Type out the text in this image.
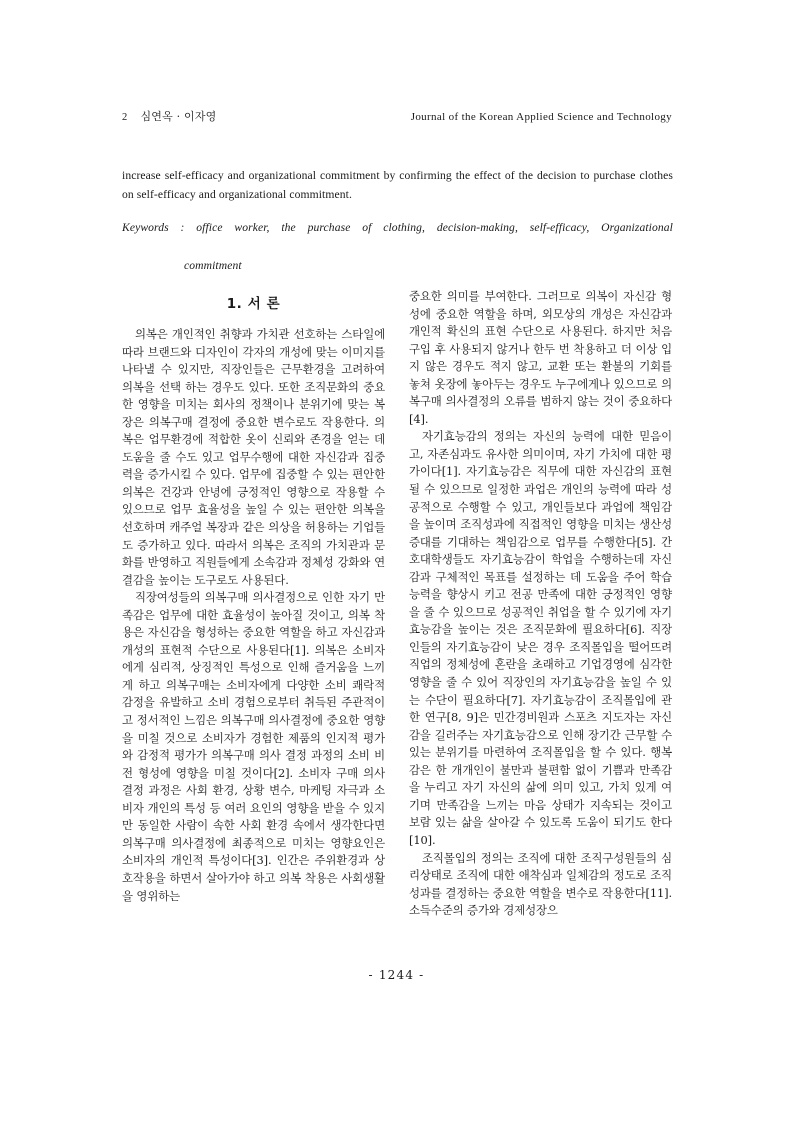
2 심연옥 · 이자영	Journal of the Korean Applied Science and Technology
increase self-efficacy and organizational commitment by confirming the effect of the decision to purchase clothes on self-efficacy and organizational commitment.
Keywords : office worker, the purchase of clothing, decision-making, self-efficacy, Organizational
commitment
1. 서 론

의복은 개인적인 취향과 가치관 선호하는 스타일에 따라 브랜드와 디자인이 각자의 개성에 맞는 이미지를 나타낼 수 있지만, 직장인들은 근무환경을 고려하여 의복을 선택 하는 경우도 있다. 또한 조직문화의 중요한 영향을 미치는 회사의 정책이나 분위기에 맞는 복장은 의복구매 결정에 중요한 변수로도 작용한다. 의복은 업무환경에 적합한 옷이 신뢰와 존경을 얻는 데 도움을 줄 수도 있고 업무수행에 대한 자신감과 집중력을 증가시킬 수 있다. 업무에 집중할 수 있는 편안한 의복은 건강과 안녕에 긍정적인 영향으로 작용할 수 있으므로 업무 효율성을 높일 수 있는 편안한 의복을 선호하며 캐주얼 복장과 같은 의상을 허용하는 기업들도 증가하고 있다. 따라서 의복은 조직의 가치관과 문화를 반영하고 직원들에게 소속감과 정체성 강화와 연결감을 높이는 도구로도 사용된다.

직장여성들의 의복구매 의사결정으로 인한 자기 만족감은 업무에 대한 효율성이 높아질 것이고, 의복 착용은 자신감을 형성하는 중요한 역할을 하고 자신감과 개성의 표현적 수단으로 사용된다[1]. 의복은 소비자에게 심리적, 상징적인 특성으로 인해 즐거움을 느끼게 하고 의복구매는 소비자에게 다양한 소비 쾌락적 감정을 유발하고 소비 경험으로부터 취득된 주관적이고 정서적인 느낌은 의복구매 의사결정에 중요한 영향을 미칠 것으로 소비자가 경험한 제품의 인지적 평가와 감정적 평가가 의복구매 의사 결정 과정의 소비 비전 형성에 영향을 미칠 것이다[2]. 소비자 구매 의사 결정 과정은 사회 환경, 상황 변수, 마케팅 자극과 소비자 개인의 특성 등 여러 요인의 영향을 받을 수 있지만 동일한 사람이 속한 사회 환경 속에서 생각한다면 의복구매 의사결정에 최종적으로 미치는 영향요인은 소비자의 개인적 특성이다[3]. 인간은 주위환경과 상호작용을 하면서 살아가야 하고 의복 착용은 사회생활을 영위하는

중요한 의미를 부여한다. 그러므로 의복이 자신감 형성에 중요한 역할을 하며, 외모상의 개성은 자신감과 개인적 확신의 표현 수단으로 사용된다. 하지만 처음 구입 후 사용되지 않거나 한두 번 착용하고 더 이상 입지 않은 경우도 적지 않고, 교환 또는 환불의 기회를 놓쳐 옷장에 놓아두는 경우도 누구에게나 있으므로 의복구매 의사결정의 오류를 범하지 않는 것이 중요하다[4].

자기효능감의 정의는 자신의 능력에 대한 믿음이고, 자존심과도 유사한 의미이며, 자기 가치에 대한 평가이다[1]. 자기효능감은 직무에 대한 자신감의 표현될 수 있으므로 일정한 과업은 개인의 능력에 따라 성공적으로 수행할 수 있고, 개인들보다 과업에 책임감을 높이며 조직성과에 직접적인 영향을 미치는 생산성 증대를 기대하는 책임감으로 업무를 수행한다[5]. 간호대학생들도 자기효능감이 학업을 수행하는데 자신감과 구체적인 목표를 설정하는 데 도움을 주어 학습 능력을 향상시 키고 전공 만족에 대한 긍정적인 영향을 줄 수 있으므로 성공적인 취업을 할 수 있기에 자기효능감을 높이는 것은 조직문화에 필요하다[6]. 직장인들의 자기효능감이 낮은 경우 조직몰입을 떨어뜨려 직업의 정체성에 혼란을 초래하고 기업경영에 심각한 영향을 줄 수 있어 직장인의 자기효능감을 높일 수 있는 수단이 필요하다[7]. 자기효능감이 조직몰입에 관한 연구[8, 9]은 민간경비원과 스포츠 지도자는 자신감을 길러주는 자기효능감으로 인해 장기간 근무할 수 있는 분위기를 마련하여 조직몰입을 할 수 있다. 행복감은 한 개개인이 불만과 불편함 없이 기쁨과 만족감을 누리고 자기 자신의 삶에 의미 있고, 가치 있게 여기며 만족감을 느끼는 마음 상태가 지속되는 것이고 보람 있는 삶을 살아갈 수 있도록 도움이 되기도 한다[10].

조직몰입의 정의는 조직에 대한 조직구성원들의 심리상태로 조직에 대한 애착심과 일체감의 정도로 조직성과를 결정하는 중요한 역할을 변수로 작용한다[11]. 소득수준의 증가와 경제성장으

- 1244 -
